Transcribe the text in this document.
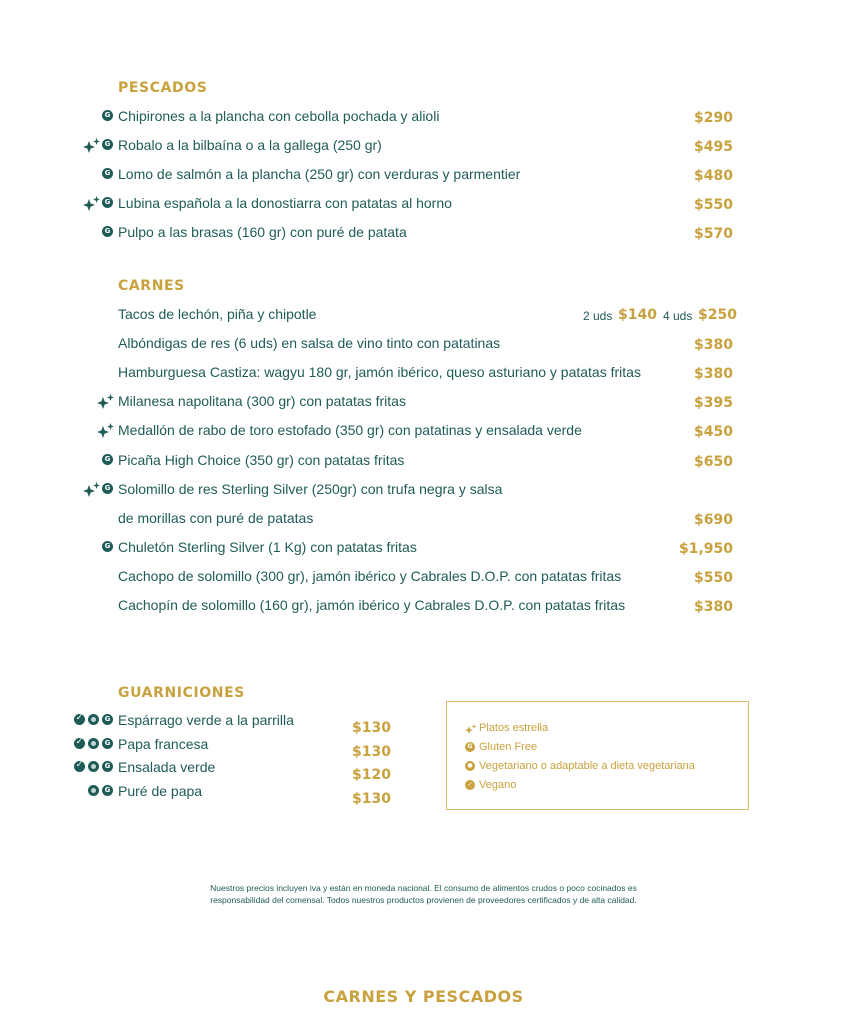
PESCADOS
G Chipirones a la plancha con cebolla pochada y alioli	$290
G Robalo a la bilbaína o a la gallega (250 gr)	$495
G Lomo de salmón a la plancha (250 gr) con verduras y parmentier	$480
G Lubina española a la donostiarra con patatas al horno	$550
G Pulpo a las brasas (160 gr) con puré de patata	$570
CARNES
Tacos de lechón, piña y chipotle	2 uds $140 4 uds $250
Albóndigas de res (6 uds) en salsa de vino tinto con patatinas	$380
Hamburguesa Castiza: wagyu 180 gr, jamón ibérico, queso asturiano y patatas fritas	$380
Milanesa napolitana (300 gr) con patatas fritas	$395
Medallón de rabo de toro estofado (350 gr) con patatinas y ensalada verde	$450
G Picaña High Choice (350 gr) con patatas fritas	$650
G Solomillo de res Sterling Silver (250gr) con trufa negra y salsa
de morillas con puré de patatas	$690
G Chuletón Sterling Silver (1 Kg) con patatas fritas	$1,950
Cachopo de solomillo (300 gr), jamón ibérico y Cabrales D.O.P. con patatas fritas	$550
Cachopín de solomillo (160 gr), jamón ibérico y Cabrales D.O.P. con patatas fritas	$380
GUARNICIONES
✓
G Espárrago verde a la parrilla	$130
✓
G Papa francesa	$130
✓
G Ensalada verde	$120
G Puré de papa	$130
Platos estrella
G Gluten Free
● Vegetariano o adaptable a dieta vegetariana
✓ Vegano
Nuestros precios incluyen iva y están en moneda nacional. El consumo de alimentos crudos o poco cocinados es
responsabilidad del comensal. Todos nuestros productos provienen de proveedores certificados y de alta calidad.
CARNES Y PESCADOS
